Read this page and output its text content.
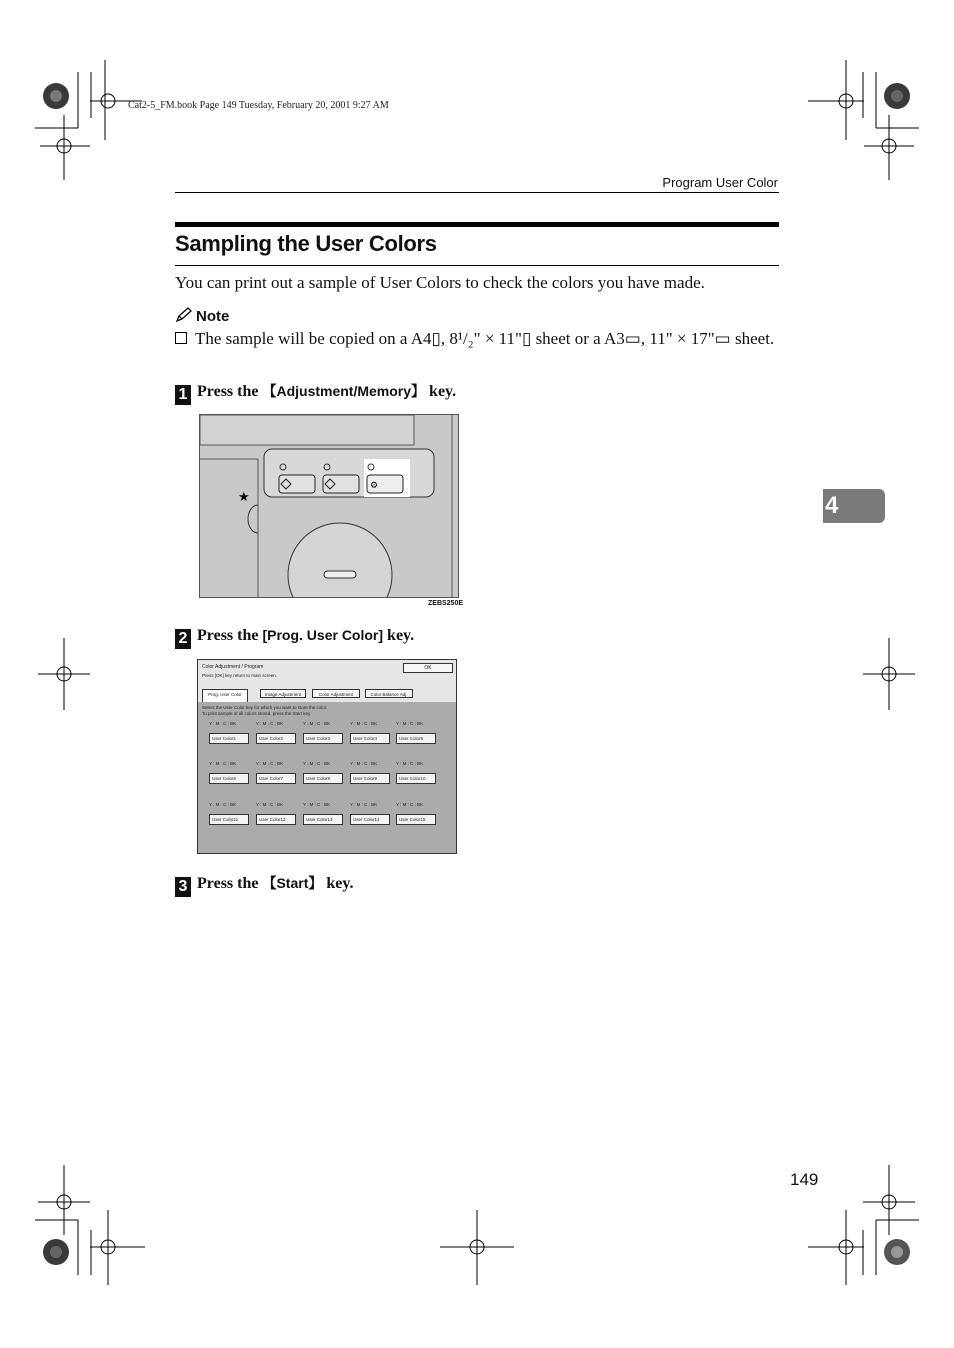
Cat2-5_FM.book Page 149 Tuesday, February 20, 2001 9:27 AM
Program User Color
Sampling the User Colors
You can print out a sample of User Colors to check the colors you have made.
Note
The sample will be copied on a A4▯, 8¹/₂" × 11"▯ sheet or a A3▭, 11" × 17"▭ sheet.
1 Press the 【Adjustment/Memory】 key.
⚙
★
ZEBS250E
2 Press the [Prog. User Color] key.
Color Adjustment / Program
Press [OK] key return to main screen.
OK
Prog. User Color	Image Adjustment	Color Adjustment	Color Balance Adj.
Select the User Color key for which you want to store the color.
To print sample of all colors stored, press the Start key.
Y : M : C : BK
User Color1
Y : M : C : BK
User Color2
Y : M : C : BK
User Color3
Y : M : C : BK
User Color4
Y : M : C : BK
User Color5
Y : M : C : BK
User Color6
Y : M : C : BK
User Color7
Y : M : C : BK
User Color8
Y : M : C : BK
User Color9
Y : M : C : BK
User Color10
Y : M : C : BK
User Color11
Y : M : C : BK
User Color12
Y : M : C : BK
User Color13
Y : M : C : BK
User Color14
Y : M : C : BK
User Color15
3 Press the 【Start】 key.
4
149
